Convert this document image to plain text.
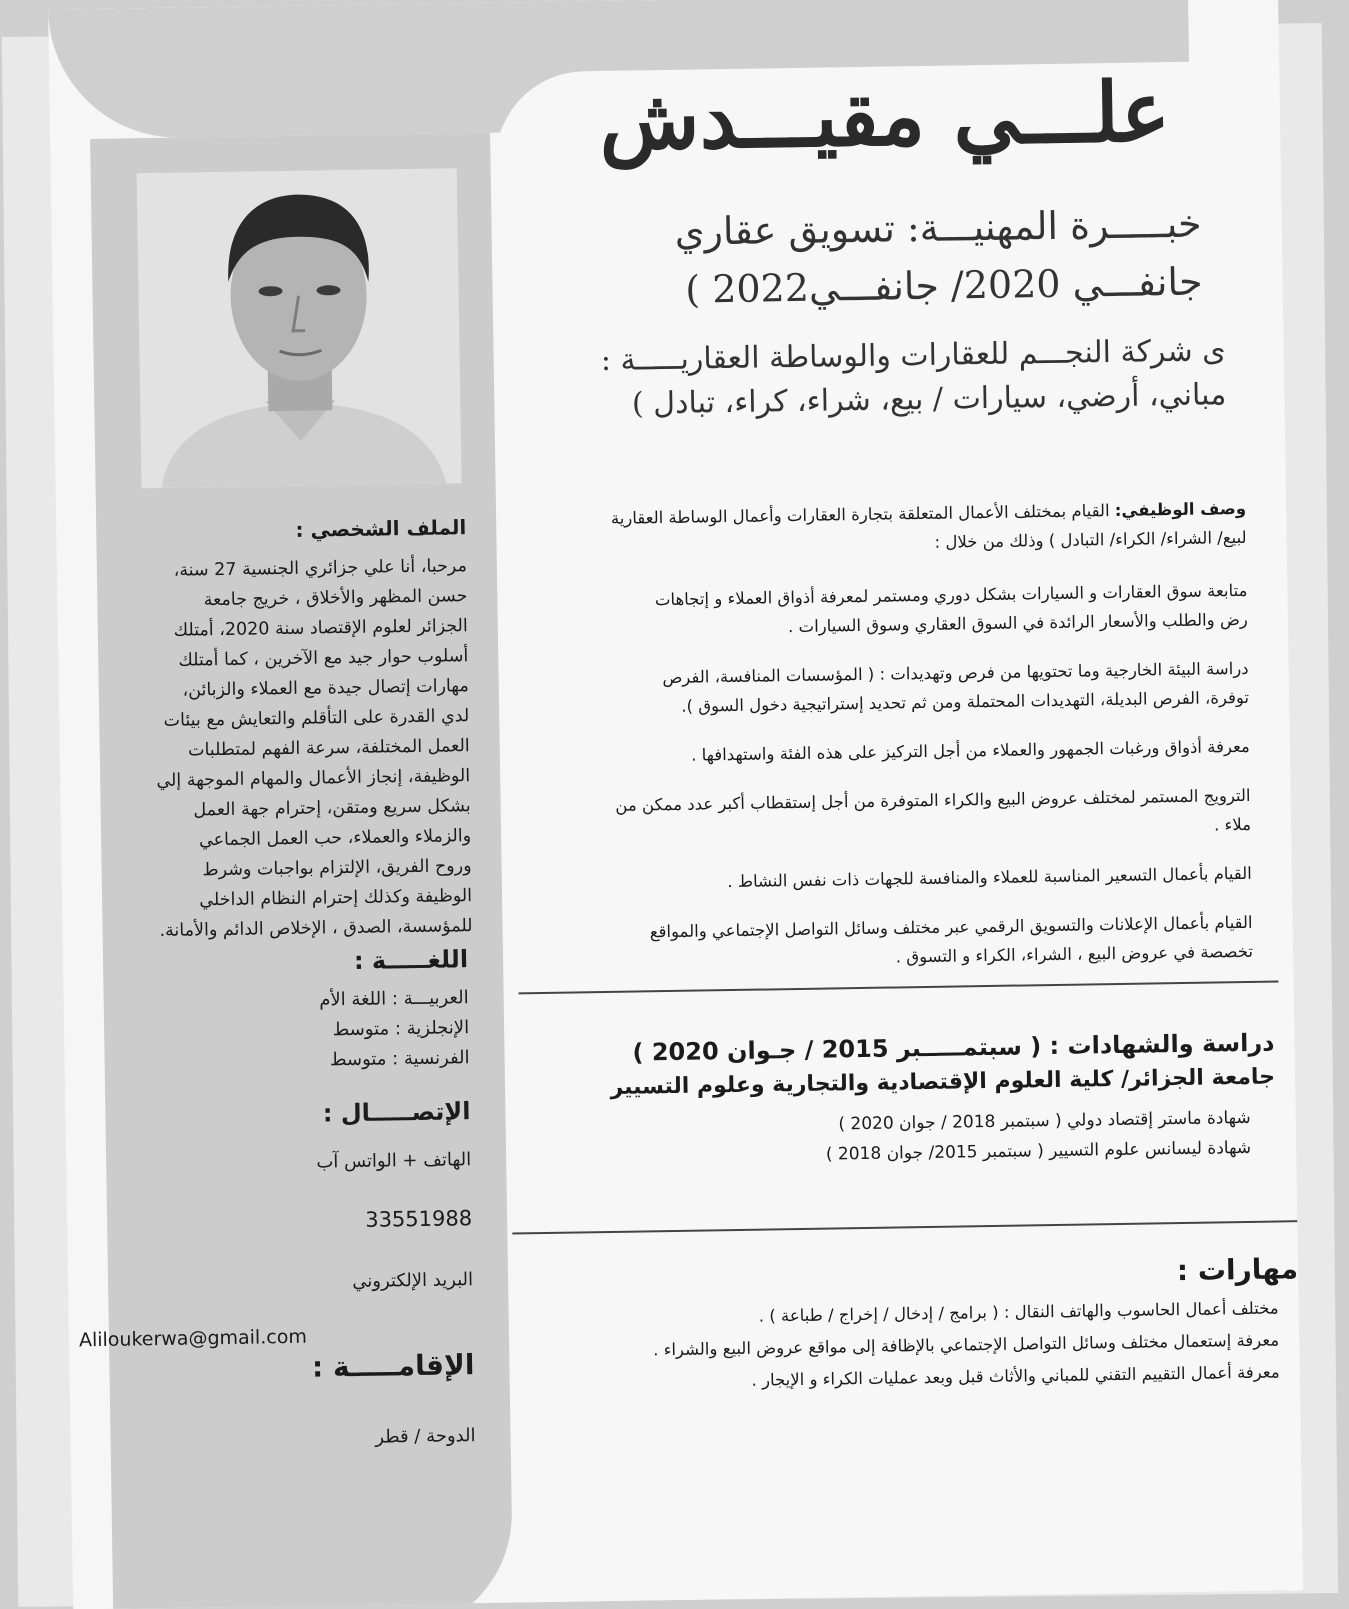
علـــي مقيـــدش
خبـــــرة المهنيـــة: تسويق عقاري
جانفـــي 2020/ جانفـــي2022 )
ى شركة النجـــم للعقارات والوساطة العقاريـــــة :
مباني، أرضي، سيارات / بيع، شراء، كراء، تبادل )
وصف الوظيفي: القيام بمختلف الأعمال المتعلقة بتجارة العقارات وأعمال الوساطة العقارية
لبيع/ الشراء/ الكراء/ التبادل ) وذلك من خلال :
متابعة سوق العقارات و السيارات بشكل دوري ومستمر لمعرفة أذواق العملاء و إتجاهات
رض والطلب والأسعار الرائدة في السوق العقاري وسوق السيارات .
دراسة البيئة الخارجية وما تحتويها من فرص وتهديدات : ( المؤسسات المنافسة، الفرص
توفرة، الفرص البديلة، التهديدات المحتملة ومن ثم تحديد إستراتيجية دخول السوق ).
معرفة أذواق ورغبات الجمهور والعملاء من أجل التركيز على هذه الفئة واستهدافها .
الترويج المستمر لمختلف عروض البيع والكراء المتوفرة من أجل إستقطاب أكبر عدد ممكن من
ملاء .
القيام بأعمال التسعير المناسبة للعملاء والمنافسة للجهات ذات نفس النشاط .
القيام بأعمال الإعلانات والتسويق الرقمي عبر مختلف وسائل التواصل الإجتماعي والمواقع
تخصصة في عروض البيع ، الشراء، الكراء و التسوق .
دراسة والشهادات : ( سبتمـــــبر 2015 / جـوان 2020 )
جامعة الجزائر/ كلية العلوم الإقتصادية والتجارية وعلوم التسيير
شهادة ماستر إقتصاد دولي ( سبتمبر 2018 / جوان 2020 )
شهادة ليسانس علوم التسيير ( سبتمبر 2015/ جوان 2018 )
مهارات :
مختلف أعمال الحاسوب والهاتف النقال : ( برامج / إدخال / إخراج / طباعة ) .
معرفة إستعمال مختلف وسائل التواصل الإجتماعي بالإظافة إلى مواقع عروض البيع والشراء .
معرفة أعمال التقييم التقني للمباني والأثاث قبل وبعد عمليات الكراء و الإيجار .
الملف الشخصي :
مرحبا، أنا علي جزائري الجنسية 27 سنة،
حسن المظهر والأخلاق ، خريج جامعة
الجزائر لعلوم الإقتصاد سنة 2020، أمتلك
أسلوب حوار جيد مع الآخرين ، كما أمتلك
مهارات إتصال جيدة مع العملاء والزبائن،
لدي القدرة على التأقلم والتعايش مع بيئات
العمل المختلفة، سرعة الفهم لمتطلبات
الوظيفة، إنجاز الأعمال والمهام الموجهة إلي
بشكل سريع ومتقن، إحترام جهة العمل
والزملاء والعملاء، حب العمل الجماعي
وروح الفريق، الإلتزام بواجبات وشرط
الوظيفة وكذلك إحترام النظام الداخلي
للمؤسسة، الصدق ، الإخلاص الدائم والأمانة.
اللغـــــة :
العربيـــة : اللغة الأم
الإنجلزية : متوسط
الفرنسية : متوسط
الإتصـــــال :
الهاتف + الواتس آب
33551988
البريد الإلكتروني
Aliloukerwa@gmail.com
الإقامـــــة :
الدوحة / قطر
